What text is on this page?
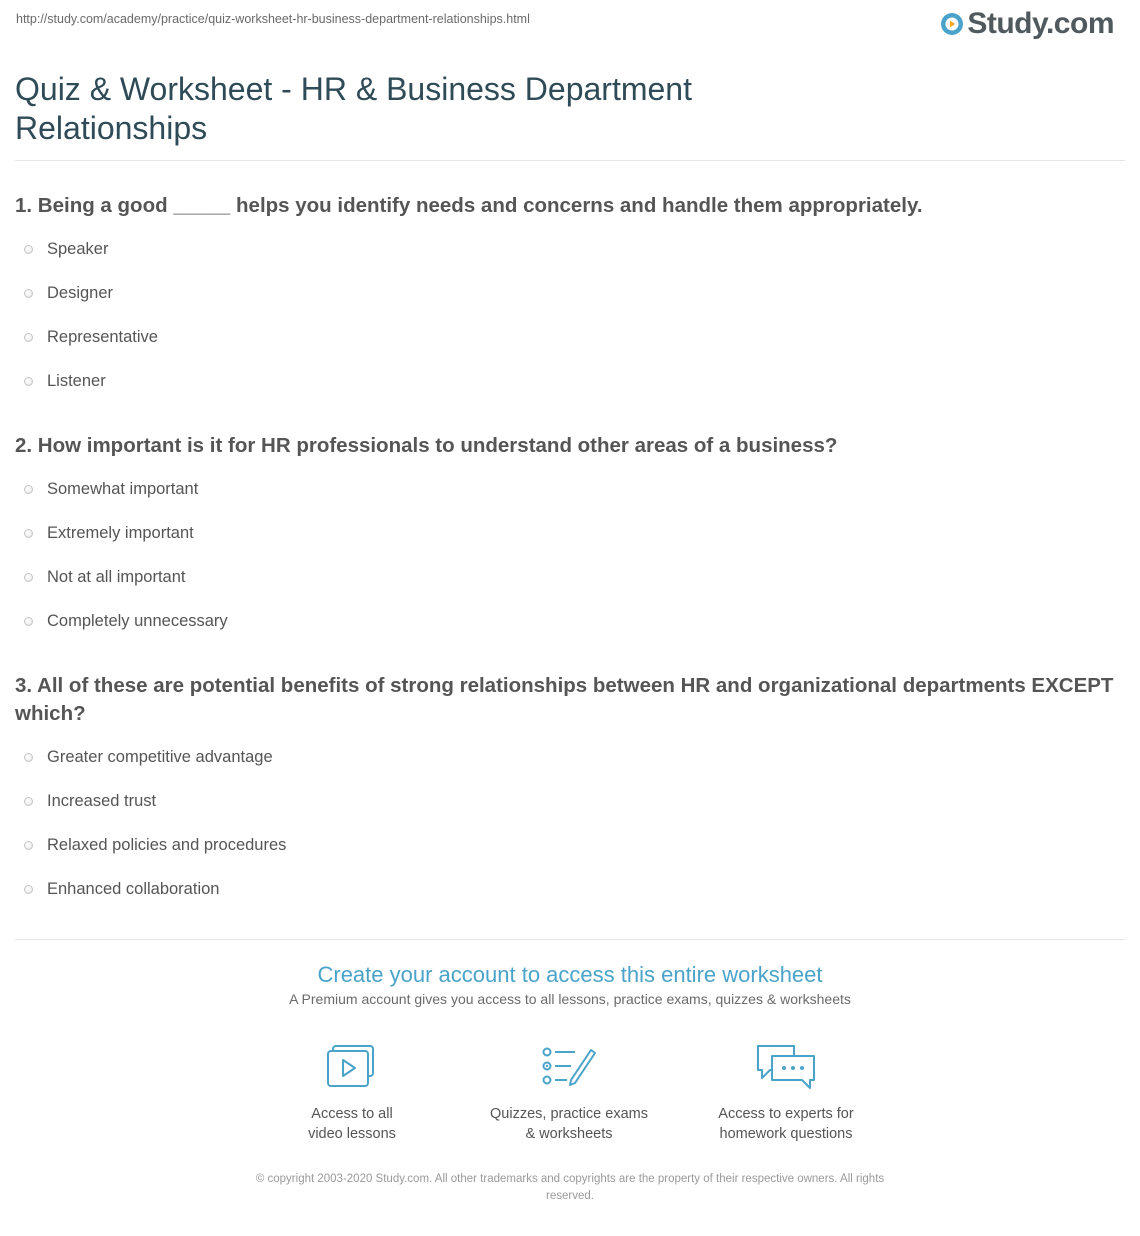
http://study.com/academy/practice/quiz-worksheet-hr-business-department-relationships.html	Study.com
Quiz & Worksheet - HR & Business Department
Relationships

1. Being a good _____ helps you identify needs and concerns and handle them appropriately.

Speaker
Designer
Representative
Listener

2. How important is it for HR professionals to understand other areas of a business?

Somewhat important
Extremely important
Not at all important
Completely unnecessary

3. All of these are potential benefits of strong relationships between HR and organizational departments EXCEPT which?

Greater competitive advantage
Increased trust
Relaxed policies and procedures
Enhanced collaboration
Create your account to access this entire worksheet
A Premium account gives you access to all lessons, practice exams, quizzes & worksheets
Access to all
video lessons
Quizzes, practice exams
& worksheets
Access to experts for
homework questions
© copyright 2003-2020 Study.com. All other trademarks and copyrights are the property of their respective owners. All rights
reserved.
